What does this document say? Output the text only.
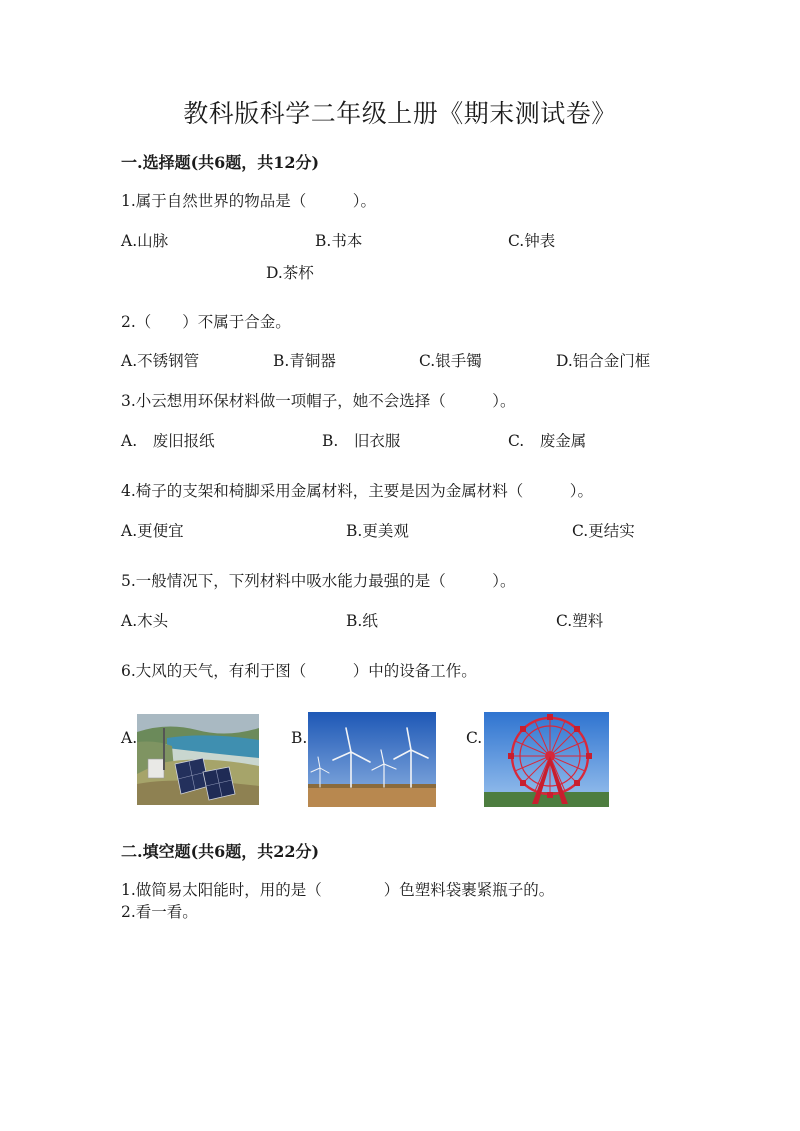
教科版科学二年级上册《期末测试卷》
一.选择题(共6题，共12分)
1.属于自然世界的物品是（　　　）。
A.山脉	B.书本	C.钟表
D.茶杯
2.（　　）不属于合金。
A.不锈钢管	B.青铜器	C.银手镯	D.铝合金门框
3.小云想用环保材料做一项帽子，她不会选择（　　　）。
A.　废旧报纸	B.　旧衣服	C.　废金属
4.椅子的支架和椅脚采用金属材料，主要是因为金属材料（　　　）。
A.更便宜	B.更美观	C.更结实
5.一般情况下，下列材料中吸水能力最强的是（　　　）。
A.木头	B.纸	C.塑料
6.大风的天气，有利于图（　　　）中的设备工作。
A.	B.	C.
二.填空题(共6题，共22分)
1.做简易太阳能时，用的是（　　　　）色塑料袋裹紧瓶子的。
2.看一看。
